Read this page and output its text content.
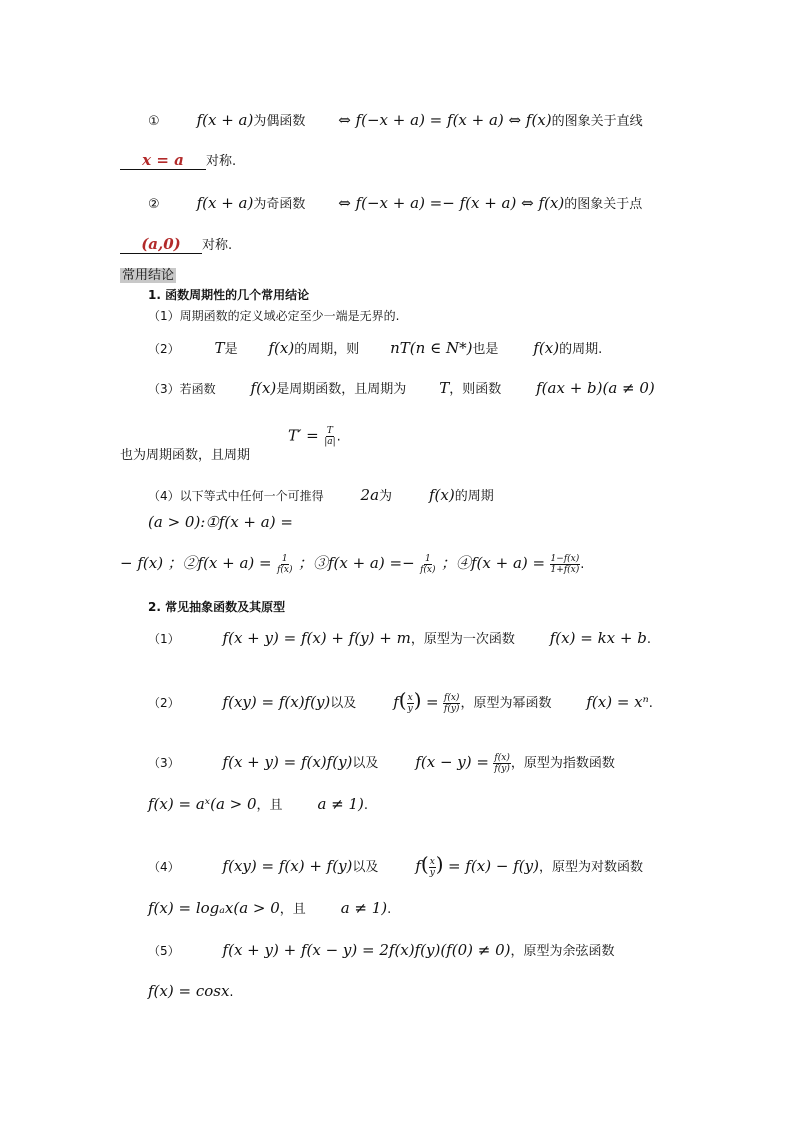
① f(x + a)为偶函数 ⇔ f(−x + a) = f(x + a) ⇔ f(x)的图象关于直线
x = a 对称.
② f(x + a)为奇函数 ⇔ f(−x + a) =− f(x + a) ⇔ f(x)的图象关于点
(a,0) 对称.
常用结论
1. 函数周期性的几个常用结论
（1）周期函数的定义域必定至少一端是无界的.
（2） T是 f(x)的周期，则 nT(n ∈ N*)也是 f(x)的周期.
（3）若函数 f(x)是周期函数，且周期为 T，则函数 f(ax + b)(a ≠ 0)
也为周期函数，且周期
$T' = \frac{T}{|a|}$ .
（4）以下等式中任何一个可推得 2a为 f(x)的周期
(a > 0):①f(x + a) =
− f(x) ；②f(x + $a) = \frac{1}{f(x)}$ ；③f(x + $a) =- \frac{1}{f(x)}$ ；④f(x + $a) = \frac{1-f(x)}{1+f(x)}$ .
2. 常见抽象函数及其原型
（1）	f(x + y) = f(x) + f(y) + m，原型为一次函数 f(x) = kx + b.
（2）	f(xy) = f(x)f(y)以及 $f( \frac{x}{y}$ ) = $\frac{f(x)}{f(y)}$ ，原型为幂函数 f(x) = xⁿ.
（3）	f(x + y) = f(x)f(y)以及 $f(x - y) = \frac{f(x)}{f(y)}$ ，原型为指数函数
f(x) = aˣ(a > 0，且 a ≠ 1).
（4）	f(xy) = f(x) + f(y)以及 $f( \frac{x}{y}$ ) = f(x) − f(y)，原型为对数函数
f(x) = logₐx(a > 0，且 a ≠ 1).
（5）	f(x + y) + f(x − y) = 2f(x)f(y)(f(0) ≠ 0)，原型为余弦函数
f(x) = cosx.
